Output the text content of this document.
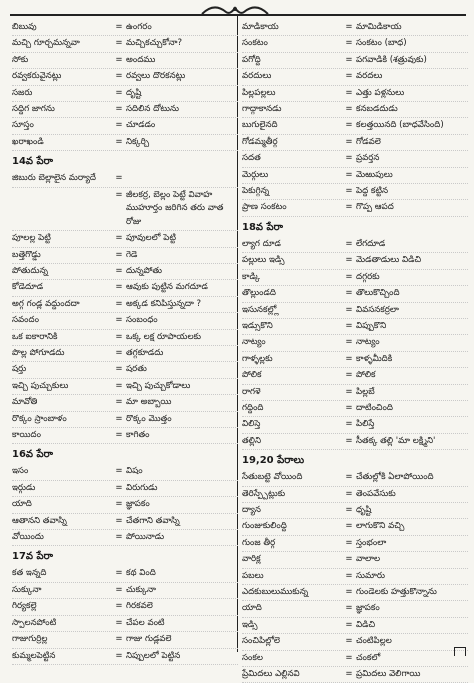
బిబువు	= ఉంగరం
మచ్చి గూర్చమన్నవా	= మచ్చికచ్చుకోనా?
సోకు	= అందము
రవ్వకరువైనట్లు	= రవ్వలు దొరకనట్లు
సజరు	= దృష్టి
సద్దిగ జాగను	= సదిలిన దోటును
సూస్తం	= చూడడం
ఖరాఖండి	= నిక్కర్చి
14వ పేరా
జిబురు బెల్లాలైన మర్యాదే	=
= జీలకర్ర, బెల్లం పెట్టే వివాహ ముహూర్తం జరిగిన తరు వాత రోజు
పూలల్ల పెట్టి	= పూవులలో పెట్టి
బత్తెగొడ్డు	= గెడె
పోతుదున్న	= దున్నపోతు
కోడెదూడ	= ఆవుకు పుట్టిన మగదూడ
అగ్గ గండ్ల వద్దుందదా	= అక్కడ కనిపిస్తున్నదా ?
సవందం	= సంబంధం
ఒక ఐకారానికి	= ఒక్క లక్ష రూపాయలకు
పొల్ల పోగూడదు	= తగ్గకూడదు
షర్తు	= షరతు
ఇచ్చి పుచ్చుకులు	= ఇచ్చి పుచ్చుకోడాలు
మావోతి	= మా అబ్బాయి
రొక్కం స్రాంబాళం	= రొక్కం మొత్తం
కాయిదం	= కాగితం
16వ పేరా
ఇసం	= విషం
ఇర్గుడు	= విరుగుడు
యాది	= జ్ఞాపకం
ఆతానని తవాస్ని	= చేతగాని తవాస్ని
వోయిందు	= పోయినాడు
17వ పేరా
కత ఇన్నది	= కథ వింది
సుక్కునా	= చుక్కునా
గిర్యకల్లె	= గిరకవలె
స్పాలనపోంటి	= చేపల వంటి
గాజుగుర్రిల్ల	= గాజు గుడ్లవలె
కుమ్మలపెట్టిన	= నిప్పులలో పెట్టిన
మాడికాయ	= మామిడికాయ
సంకటం	= సంకటం (బాధ)
పగోద్ది	= పగవాడికి (శత్రువుకు)
వరదులు	= వరదలు
పిల్లపల్లలు	= ఎత్తు పళ్లనులు
గాద్గాకానడు	= కనబడదుడు
బుగులైనది	= కలత్తయినది (బాధవేసింది)
గోడమ్మతీర్గ	= గోడవలె
సదత	= ప్రవర్తన
మెర్గులు	= మెఱుపులు
పెకుగ్గిన్న	= పెద్ద కట్టిన
ప్రాణ సంకటం	= గొప్ప ఆపద
18వ పేరా
ల్యాగ దూడ	= లేగదూడ
పల్లులు ఇడ్సి	= మెడతాడులు విడిచి
కాడ్కి	= దగ్గరకు
తొల్లుండది	= తొలుకొచ్చింది
ఇసునకల్ల్లో	= వివసనకర్రలా
ఇడ్సుకొని	= విప్పుకొని
నాట్యం	= నాట్యం
గాళ్ళల్లకు	= కాళ్ళమీదికి
పోలిక	= పోలిక
రాగళె	= పిల్లబే
గద్దింది	= దాటించింది
విలిస్తె	= పిలిస్తే
తల్లిని	= సీతక్క తల్లి 'మా లక్ష్మిని'
19,20 పేరాలు
సేతుబట్టె వోయింది	= చేతుల్లోకి ఏలాపోయింది
తెరిస్ప్పేట్లుకు	= తెంపవేసుకు
ద్యాన	= ధృష్టి
గుంజుకులింద్ది	= లాగుకొని వచ్చి
గుంజ తీర్గ	= స్తంభంలా
వారిక్ల	= వాలాల
పబలు	= సుమారు
ఎదకుబులుముకున్న	= గుండెలకు హత్తుకొన్నాను
యాది	= జ్ఞాపకం
ఇడ్సి	= విడిచి
సంచిపిల్లోలె	= చంటిపిల్లల
సంకల	= చంకలో
ప్రేమిదలు ఎల్లినవి	= ప్రమిదలు వెలిగాయి
